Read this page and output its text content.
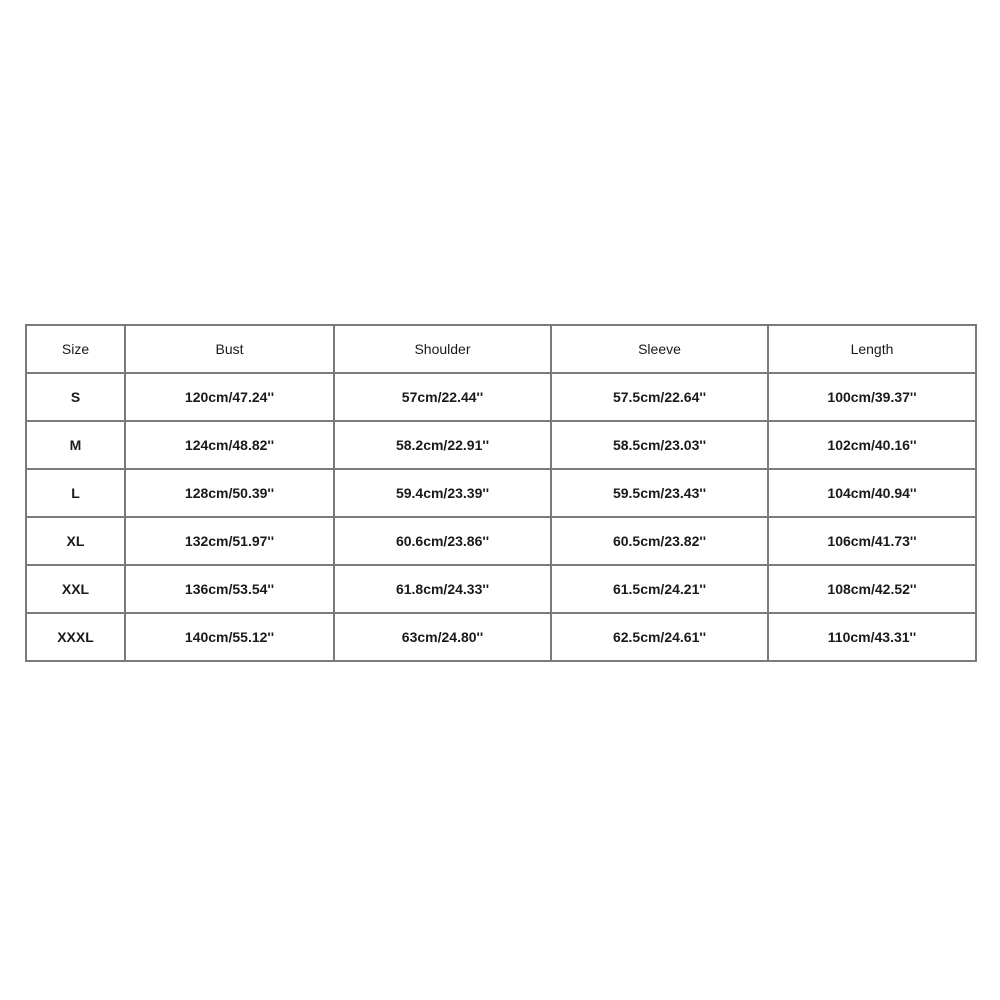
Size	Bust	Shoulder	Sleeve	Length
S	120cm/47.24''	57cm/22.44''	57.5cm/22.64''	100cm/39.37''
M	124cm/48.82''	58.2cm/22.91''	58.5cm/23.03''	102cm/40.16''
L	128cm/50.39''	59.4cm/23.39''	59.5cm/23.43''	104cm/40.94''
XL	132cm/51.97''	60.6cm/23.86''	60.5cm/23.82''	106cm/41.73''
XXL	136cm/53.54''	61.8cm/24.33''	61.5cm/24.21''	108cm/42.52''
XXXL	140cm/55.12''	63cm/24.80''	62.5cm/24.61''	110cm/43.31''
